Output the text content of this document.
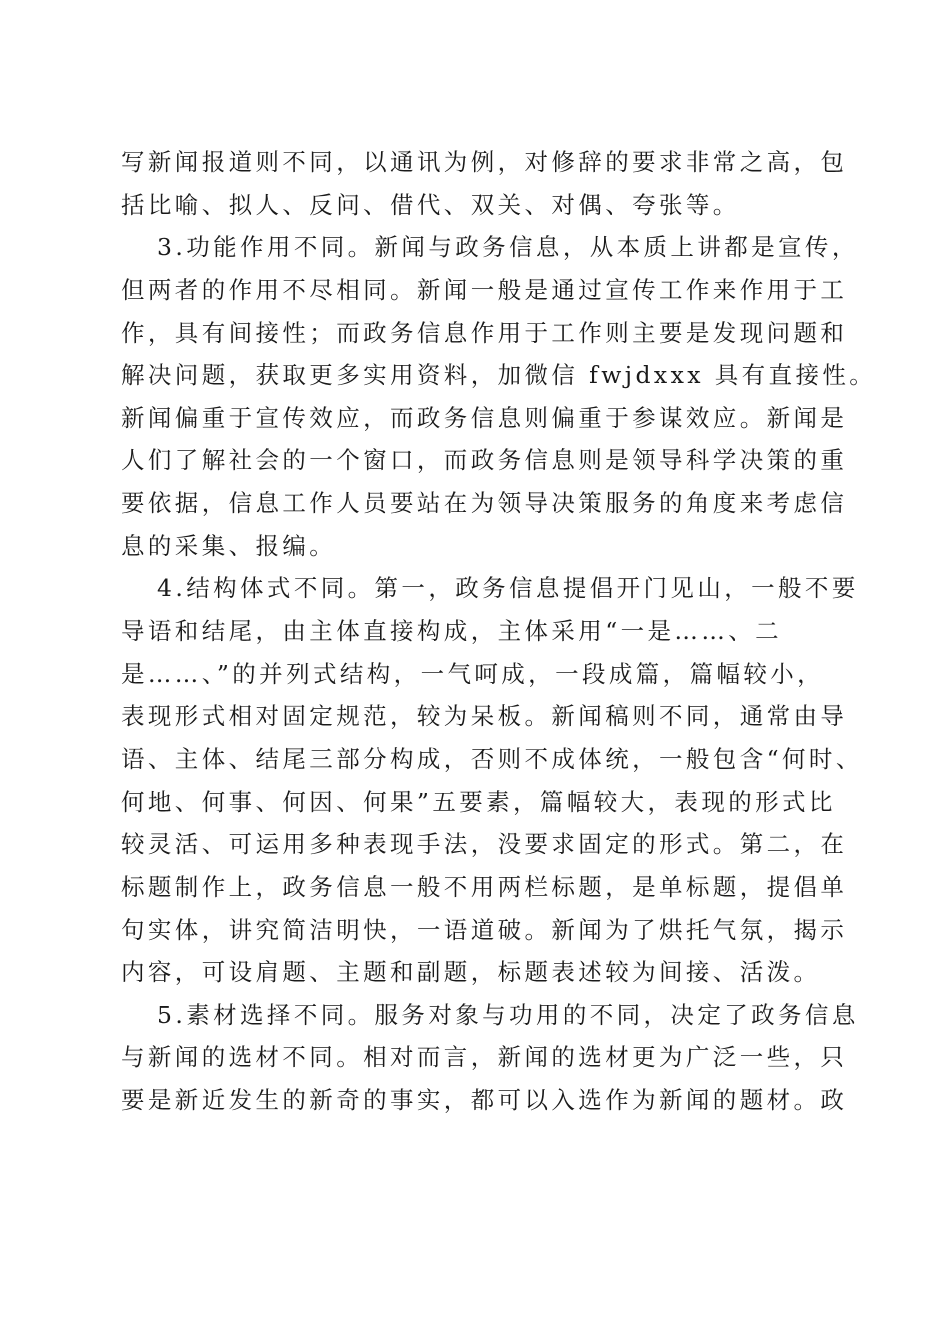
写新闻报道则不同，以通讯为例，对修辞的要求非常之高，包
括比喻、拟人、反问、借代、双关、对偶、夸张等。
3.功能作用不同。新闻与政务信息，从本质上讲都是宣传，
但两者的作用不尽相同。新闻一般是通过宣传工作来作用于工
作，具有间接性；而政务信息作用于工作则主要是发现问题和
解决问题，获取更多实用资料，加微信 fwjdxxx 具有直接性。
新闻偏重于宣传效应，而政务信息则偏重于参谋效应。新闻是
人们了解社会的一个窗口，而政务信息则是领导科学决策的重
要依据，信息工作人员要站在为领导决策服务的角度来考虑信
息的采集、报编。
4.结构体式不同。第一，政务信息提倡开门见山，一般不要
导语和结尾，由主体直接构成，主体采用“一是……、二
是……、”的并列式结构，一气呵成，一段成篇，篇幅较小，
表现形式相对固定规范，较为呆板。新闻稿则不同，通常由导
语、主体、结尾三部分构成，否则不成体统，一般包含“何时、
何地、何事、何因、何果”五要素，篇幅较大，表现的形式比
较灵活、可运用多种表现手法，没要求固定的形式。第二，在
标题制作上，政务信息一般不用两栏标题，是单标题，提倡单
句实体，讲究简洁明快，一语道破。新闻为了烘托气氛，揭示
内容，可设肩题、主题和副题，标题表述较为间接、活泼。
5.素材选择不同。服务对象与功用的不同，决定了政务信息
与新闻的选材不同。相对而言，新闻的选材更为广泛一些，只
要是新近发生的新奇的事实，都可以入选作为新闻的题材。政
